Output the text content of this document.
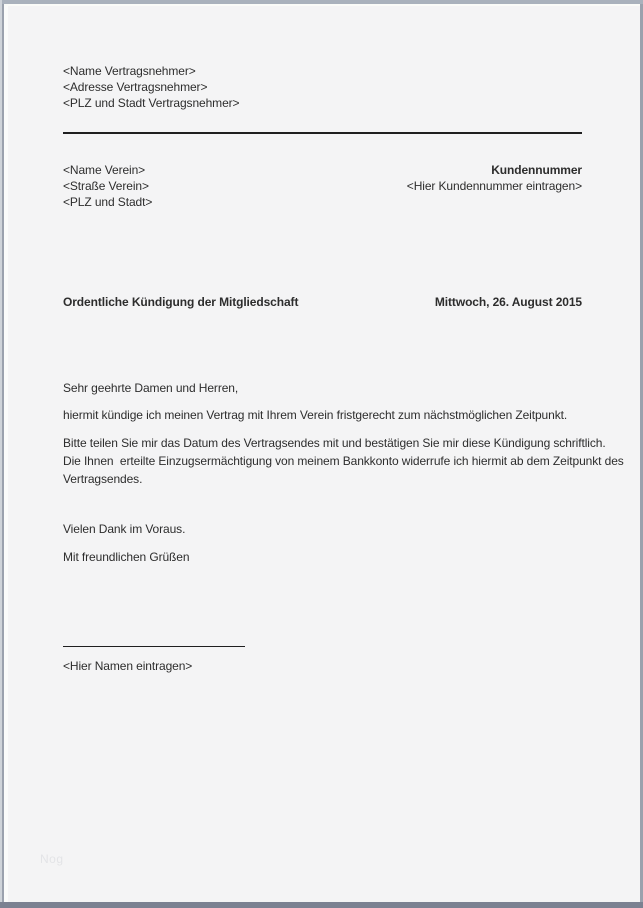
<Name Vertragsnehmer>
<Adresse Vertragsnehmer>
<PLZ und Stadt Vertragsnehmer>
<Name Verein>
<Straße Verein>
<PLZ und Stadt>
Kundennummer
<Hier Kundennummer eintragen>
Ordentliche Kündigung der Mitgliedschaft	Mittwoch, 26. August 2015
Sehr geehrte Damen und Herren,
hiermit kündige ich meinen Vertrag mit Ihrem Verein fristgerecht zum nächstmöglichen Zeitpunkt.
Bitte teilen Sie mir das Datum des Vertragsendes mit und bestätigen Sie mir diese Kündigung schriftlich.
Die Ihnen  erteilte Einzugsermächtigung von meinem Bankkonto widerrufe ich hiermit ab dem Zeitpunkt des
Vertragsendes.
Vielen Dank im Voraus.
Mit freundlichen Grüßen
<Hier Namen eintragen>
Nog
